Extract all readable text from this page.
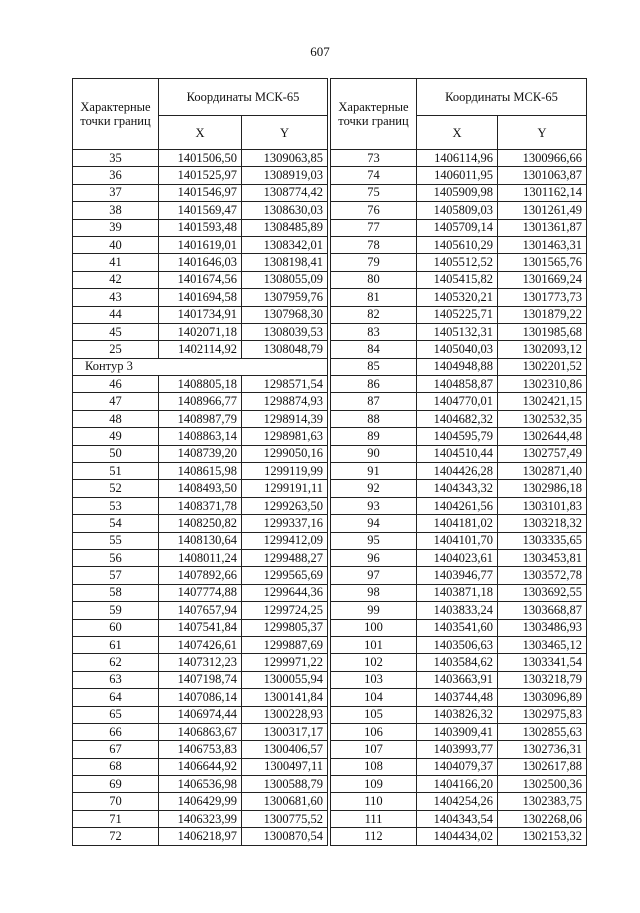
607
Характерные точки границ	Координаты МСК-65	
	X	Y
35	1401506,50	1309063,85
36	1401525,97	1308919,03
37	1401546,97	1308774,42
38	1401569,47	1308630,03
39	1401593,48	1308485,89
40	1401619,01	1308342,01
41	1401646,03	1308198,41
42	1401674,56	1308055,09
43	1401694,58	1307959,76
44	1401734,91	1307968,30
45	1402071,18	1308039,53
25	1402114,92	1308048,79
Контур 3		
46	1408805,18	1298571,54
47	1408966,77	1298874,93
48	1408987,79	1298914,39
49	1408863,14	1298981,63
50	1408739,20	1299050,16
51	1408615,98	1299119,99
52	1408493,50	1299191,11
53	1408371,78	1299263,50
54	1408250,82	1299337,16
55	1408130,64	1299412,09
56	1408011,24	1299488,27
57	1407892,66	1299565,69
58	1407774,88	1299644,36
59	1407657,94	1299724,25
60	1407541,84	1299805,37
61	1407426,61	1299887,69
62	1407312,23	1299971,22
63	1407198,74	1300055,94
64	1407086,14	1300141,84
65	1406974,44	1300228,93
66	1406863,67	1300317,17
67	1406753,83	1300406,57
68	1406644,92	1300497,11
69	1406536,98	1300588,79
70	1406429,99	1300681,60
71	1406323,99	1300775,52
72	1406218,97	1300870,54
Характерные точки границ	Координаты МСК-65	
	X	Y
73	1406114,96	1300966,66
74	1406011,95	1301063,87
75	1405909,98	1301162,14
76	1405809,03	1301261,49
77	1405709,14	1301361,87
78	1405610,29	1301463,31
79	1405512,52	1301565,76
80	1405415,82	1301669,24
81	1405320,21	1301773,73
82	1405225,71	1301879,22
83	1405132,31	1301985,68
84	1405040,03	1302093,12
85	1404948,88	1302201,52
86	1404858,87	1302310,86
87	1404770,01	1302421,15
88	1404682,32	1302532,35
89	1404595,79	1302644,48
90	1404510,44	1302757,49
91	1404426,28	1302871,40
92	1404343,32	1302986,18
93	1404261,56	1303101,83
94	1404181,02	1303218,32
95	1404101,70	1303335,65
96	1404023,61	1303453,81
97	1403946,77	1303572,78
98	1403871,18	1303692,55
99	1403833,24	1303668,87
100	1403541,60	1303486,93
101	1403506,63	1303465,12
102	1403584,62	1303341,54
103	1403663,91	1303218,79
104	1403744,48	1303096,89
105	1403826,32	1302975,83
106	1403909,41	1302855,63
107	1403993,77	1302736,31
108	1404079,37	1302617,88
109	1404166,20	1302500,36
110	1404254,26	1302383,75
111	1404343,54	1302268,06
112	1404434,02	1302153,32
